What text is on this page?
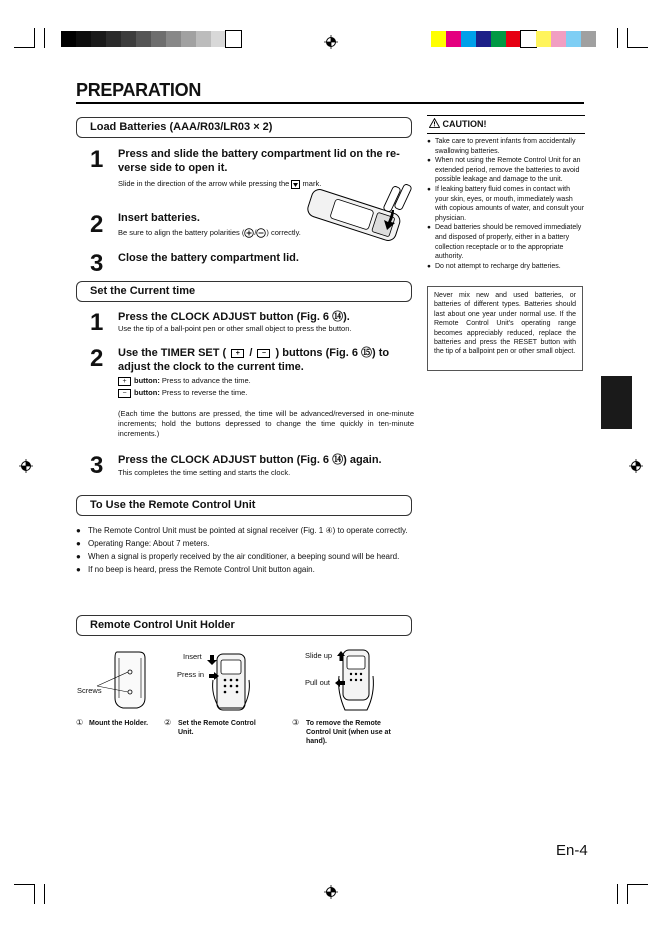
PREPARATION
Load Batteries (AAA/R03/LR03 × 2)
1 Press and slide the battery compartment lid on the re-
verse side to open it.
Slide in the direction of the arrow while pressing the mark.
2 Insert batteries.
Be sure to align the battery polarities ( / ) correctly.
3 Close the battery compartment lid.
CAUTION!
● Take care to prevent infants from accidentally swallowing batteries.
● When not using the Remote Control Unit for an extended period, remove the batteries to avoid possible leakage and damage to the unit.
● If leaking battery fluid comes in contact with your skin, eyes, or mouth, immediately wash with copious amounts of water, and consult your physician.
● Dead batteries should be removed immediately and disposed of properly, either in a battery collection receptacle or to the appropriate authority.
● Do not attempt to recharge dry batteries.
Never mix new and used batteries, or batteries of different types. Batteries should last about one year under normal use. If the Remote Control Unit's operating range becomes appreciably reduced, replace the batteries and press the RESET button with the tip of a ballpoint pen or other small object.
Set the Current time
1 Press the CLOCK ADJUST button (Fig. 6 ⑭).
Use the tip of a ball-point pen or other small object to press the button.
2 Use the TIMER SET ( + / − ) buttons (Fig. 6 ⑮) to
adjust the clock to the current time.
+ button: Press to advance the time.
− button: Press to reverse the time.
(Each time the buttons are pressed, the time will be advanced/reversed in one-minute increments; hold the buttons depressed to change the time quickly in ten-minute increments.)
3 Press the CLOCK ADJUST button (Fig. 6 ⑭) again.
This completes the time setting and starts the clock.
To Use the Remote Control Unit
● The Remote Control Unit must be pointed at signal receiver (Fig. 1 ④) to operate correctly.
● Operating Range: About 7 meters.
● When a signal is properly received by the air conditioner, a beeping sound will be heard.
● If no beep is heard, press the Remote Control Unit button again.
Remote Control Unit Holder
Screws
Insert
Press in
Slide up
Pull out
① Mount the Holder.	② Set the Remote Control Unit.
③ To remove the Remote Control Unit (when use at hand).
En-4
